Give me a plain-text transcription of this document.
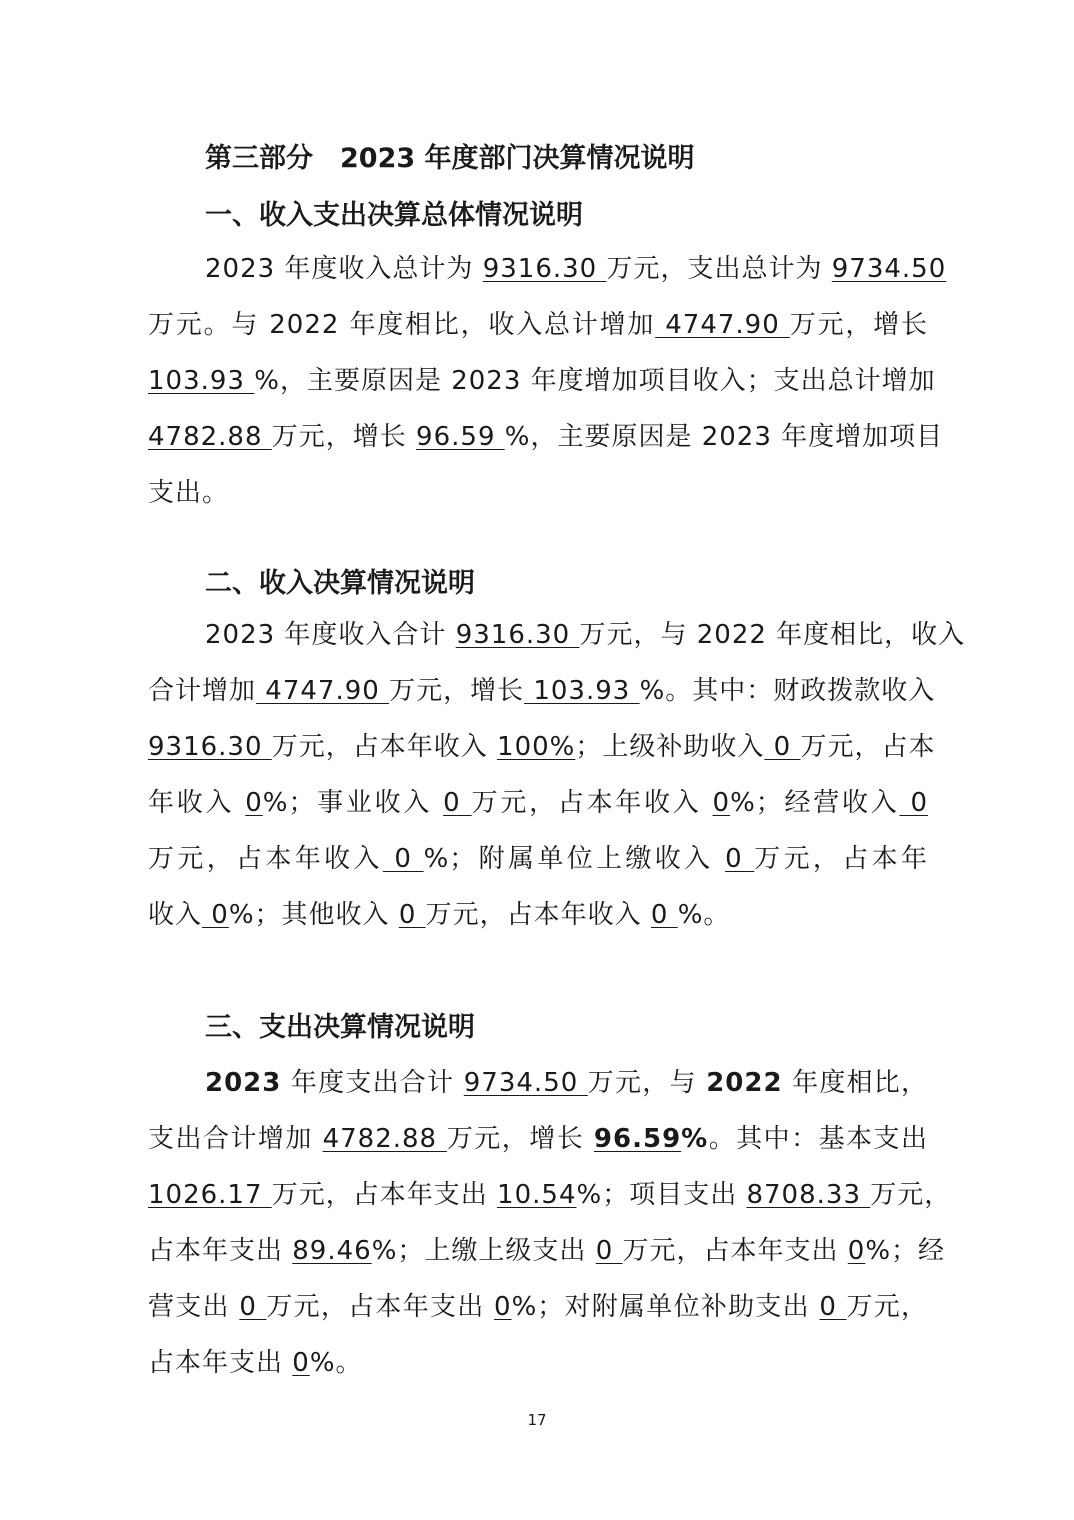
第三部分　2023 年度部门决算情况说明
一、收入支出决算总体情况说明
2023 年度收入总计为 9316.30 万元，支出总计为 9734.50
万元。与 2022 年度相比，收入总计增加 4747.90 万元，增长
103.93 %，主要原因是 2023 年度增加项目收入；支出总计增加
4782.88 万元，增长 96.59 %，主要原因是 2023 年度增加项目
支出。
二、收入决算情况说明
2023 年度收入合计 9316.30 万元，与 2022 年度相比，收入
合计增加 4747.90 万元，增长 103.93 %。其中：财政拨款收入
9316.30 万元，占本年收入 100%；上级补助收入 0 万元，占本
年收入 0%；事业收入 0 万元，占本年收入 0%；经营收入 0
万元，占本年收入 0 %；附属单位上缴收入 0 万元，占本年
收入 0%；其他收入 0 万元，占本年收入 0 %。
三、支出决算情况说明
2023 年度支出合计 9734.50 万元，与 2022 年度相比，
支出合计增加 4782.88 万元，增长 96.59%。其中：基本支出
1026.17 万元，占本年支出 10.54%；项目支出 8708.33 万元，
占本年支出 89.46%；上缴上级支出 0 万元，占本年支出 0%；经
营支出 0 万元，占本年支出 0%；对附属单位补助支出 0 万元，
占本年支出 0%。
17
